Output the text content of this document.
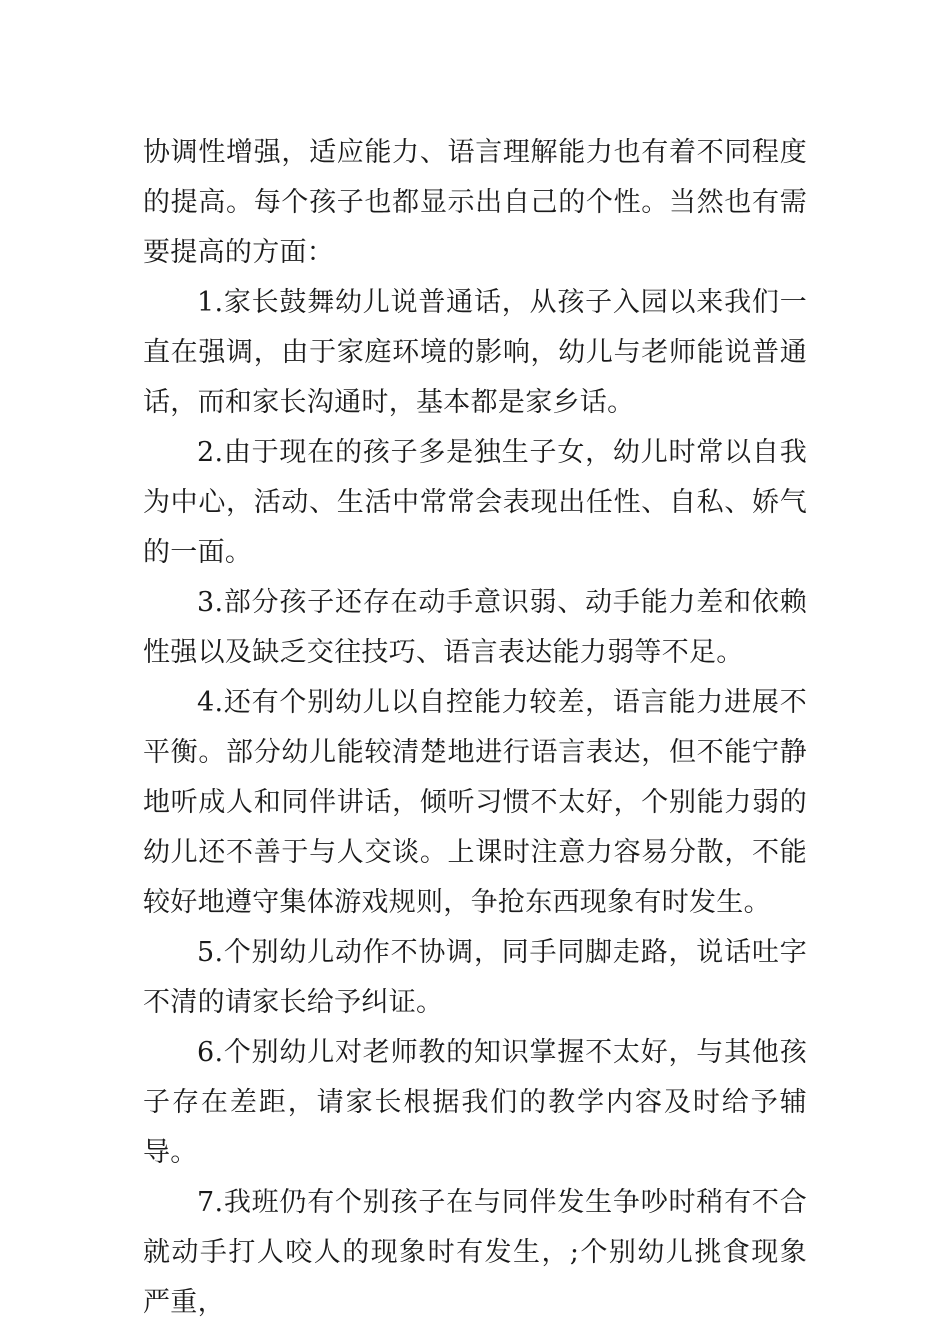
协调性增强，适应能力、语言理解能力也有着不同程度的提高。每个孩子也都显示出自己的个性。当然也有需要提高的方面：

1.家长鼓舞幼儿说普通话，从孩子入园以来我们一直在强调，由于家庭环境的影响，幼儿与老师能说普通话，而和家长沟通时，基本都是家乡话。

2.由于现在的孩子多是独生子女，幼儿时常以自我为中心，活动、生活中常常会表现出任性、自私、娇气的一面。

3.部分孩子还存在动手意识弱、动手能力差和依赖性强以及缺乏交往技巧、语言表达能力弱等不足。

4.还有个别幼儿以自控能力较差，语言能力进展不平衡。部分幼儿能较清楚地进行语言表达，但不能宁静地听成人和同伴讲话，倾听习惯不太好，个别能力弱的幼儿还不善于与人交谈。上课时注意力容易分散，不能较好地遵守集体游戏规则，争抢东西现象有时发生。

5.个别幼儿动作不协调，同手同脚走路，说话吐字不清的请家长给予纠证。

6.个别幼儿对老师教的知识掌握不太好，与其他孩子存在差距，请家长根据我们的教学内容及时给予辅导。

7.我班仍有个别孩子在与同伴发生争吵时稍有不合就动手打人咬人的现象时有发生，;个别幼儿挑食现象严重，
